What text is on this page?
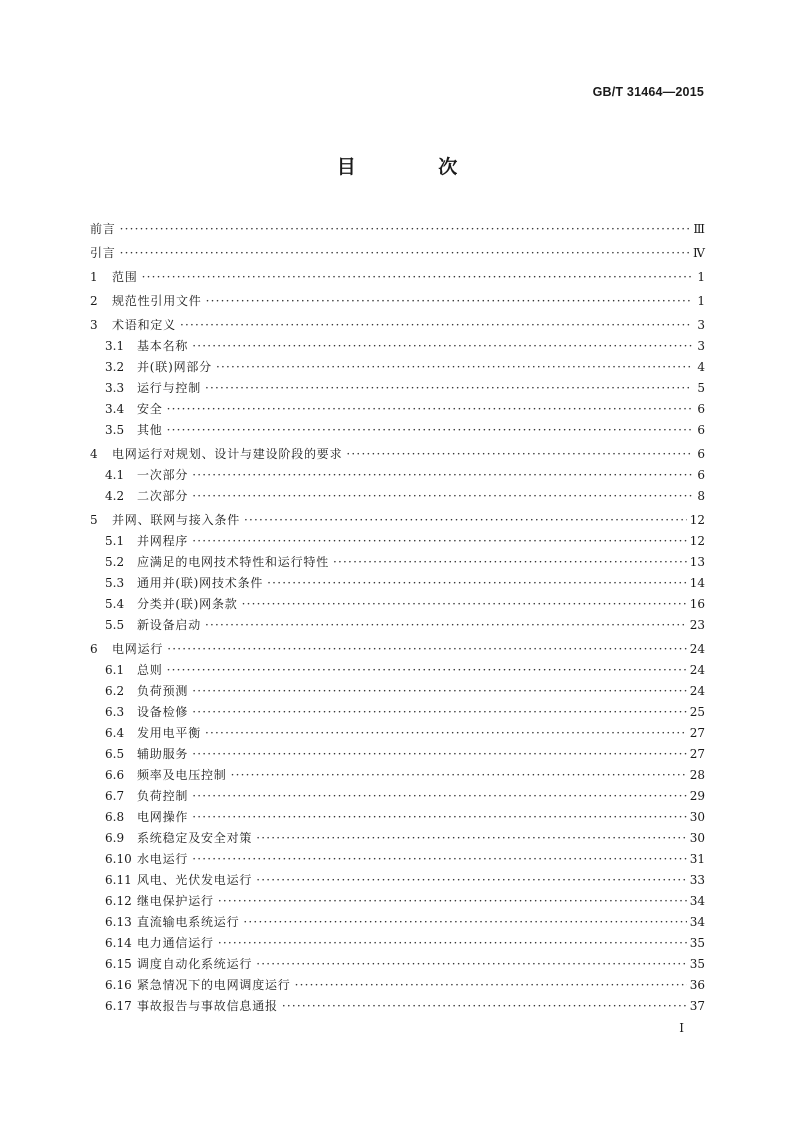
GB/T 31464—2015
目 次
前言 ·····	Ⅲ
引言 ·····	Ⅳ
1	范围 ·····	1
2	规范性引用文件 ·····	1
3	术语和定义 ·····	3
3.1	基本名称 ·····	3
3.2	并(联)网部分 ·····	4
3.3	运行与控制 ·····	5
3.4	安全 ·····	6
3.5	其他 ·····	6
4	电网运行对规划、设计与建设阶段的要求 ·····	6
4.1	一次部分 ·····	6
4.2	二次部分 ·····	8
5	并网、联网与接入条件 ·····	12
5.1	并网程序 ·····	12
5.2	应满足的电网技术特性和运行特性 ·····	13
5.3	通用并(联)网技术条件 ·····	14
5.4	分类并(联)网条款 ·····	16
5.5	新设备启动 ·····	23
6	电网运行 ·····	24
6.1	总则 ·····	24
6.2	负荷预测 ·····	24
6.3	设备检修 ·····	25
6.4	发用电平衡 ·····	27
6.5	辅助服务 ·····	27
6.6	频率及电压控制 ·····	28
6.7	负荷控制 ·····	29
6.8	电网操作 ·····	30
6.9	系统稳定及安全对策 ·····	30
6.10 水电运行 ·····	31
6.11 风电、光伏发电运行 ·····	33
6.12 继电保护运行 ·····	34
6.13 直流输电系统运行 ·····	34
6.14 电力通信运行 ·····	35
6.15 调度自动化系统运行 ·····	35
6.16 紧急情况下的电网调度运行 ·····	36
6.17 事故报告与事故信息通报 ·····	37
Ⅰ
